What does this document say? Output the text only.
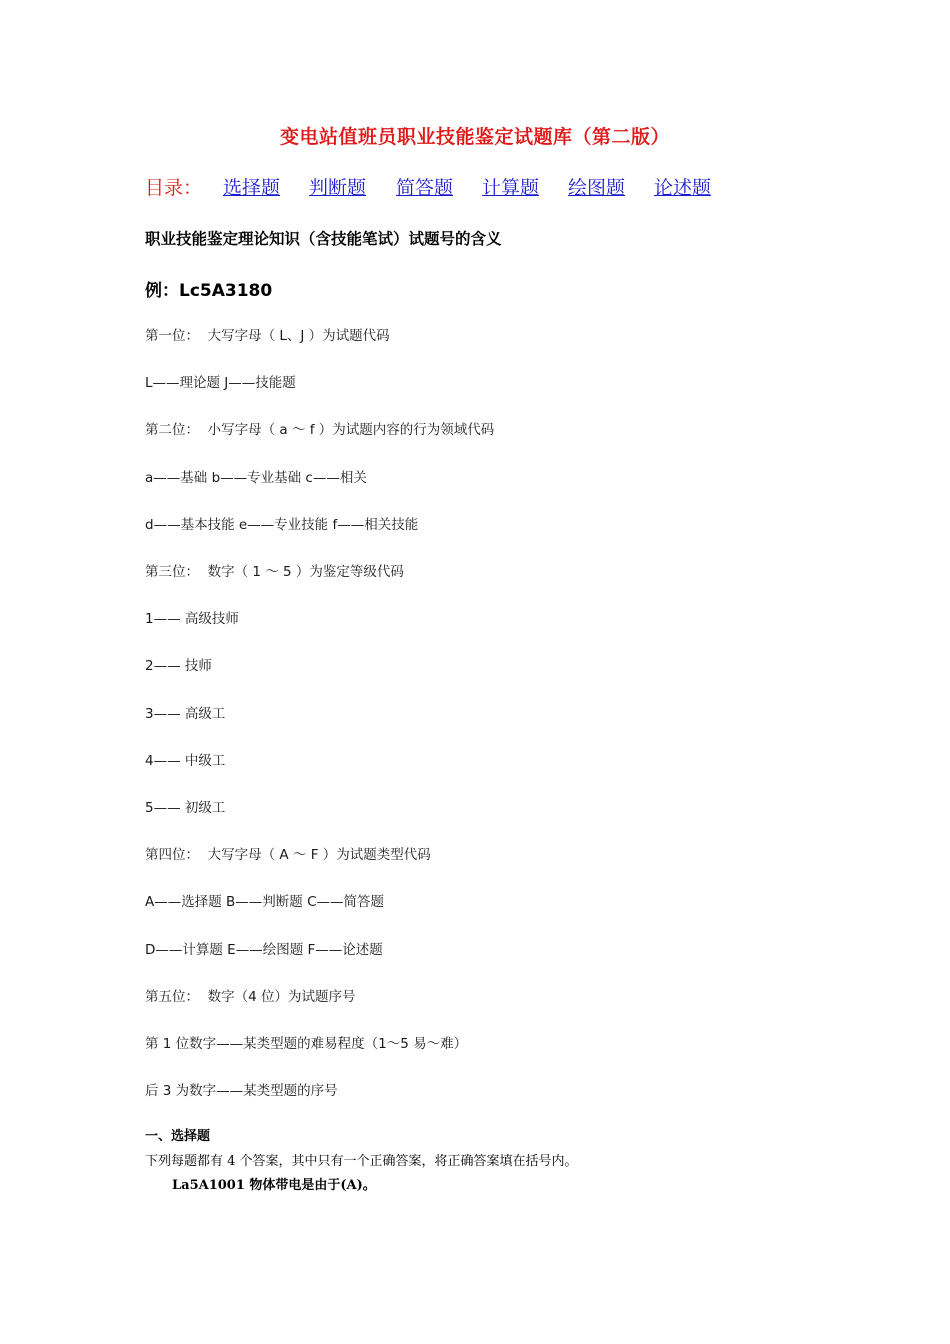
变电站值班员职业技能鉴定试题库（第二版）
目录： 选择题 判断题 简答题 计算题 绘图题 论述题
职业技能鉴定理论知识（含技能笔试）试题号的含义
例：Lc5A3180
第一位：  大写字母（ L、J ）为试题代码
L——理论题 J——技能题
第二位：  小写字母（ a ～ f ）为试题内容的行为领域代码
a——基础 b——专业基础 c——相关
d——基本技能 e——专业技能 f——相关技能
第三位：  数字（ 1 ～ 5 ）为鉴定等级代码
1—— 高级技师
2—— 技师
3—— 高级工
4—— 中级工
5—— 初级工
第四位：  大写字母（ A ～ F ）为试题类型代码
A——选择题 B——判断题 C——简答题
D——计算题 E——绘图题 F——论述题
第五位：  数字（4 位）为试题序号
第 1 位数字——某类型题的难易程度（1～5 易～难）
后 3 为数字——某类型题的序号
一、选择题
下列每题都有 4 个答案，其中只有一个正确答案，将正确答案填在括号内。
La5A1001 物体带电是由于(A)。
